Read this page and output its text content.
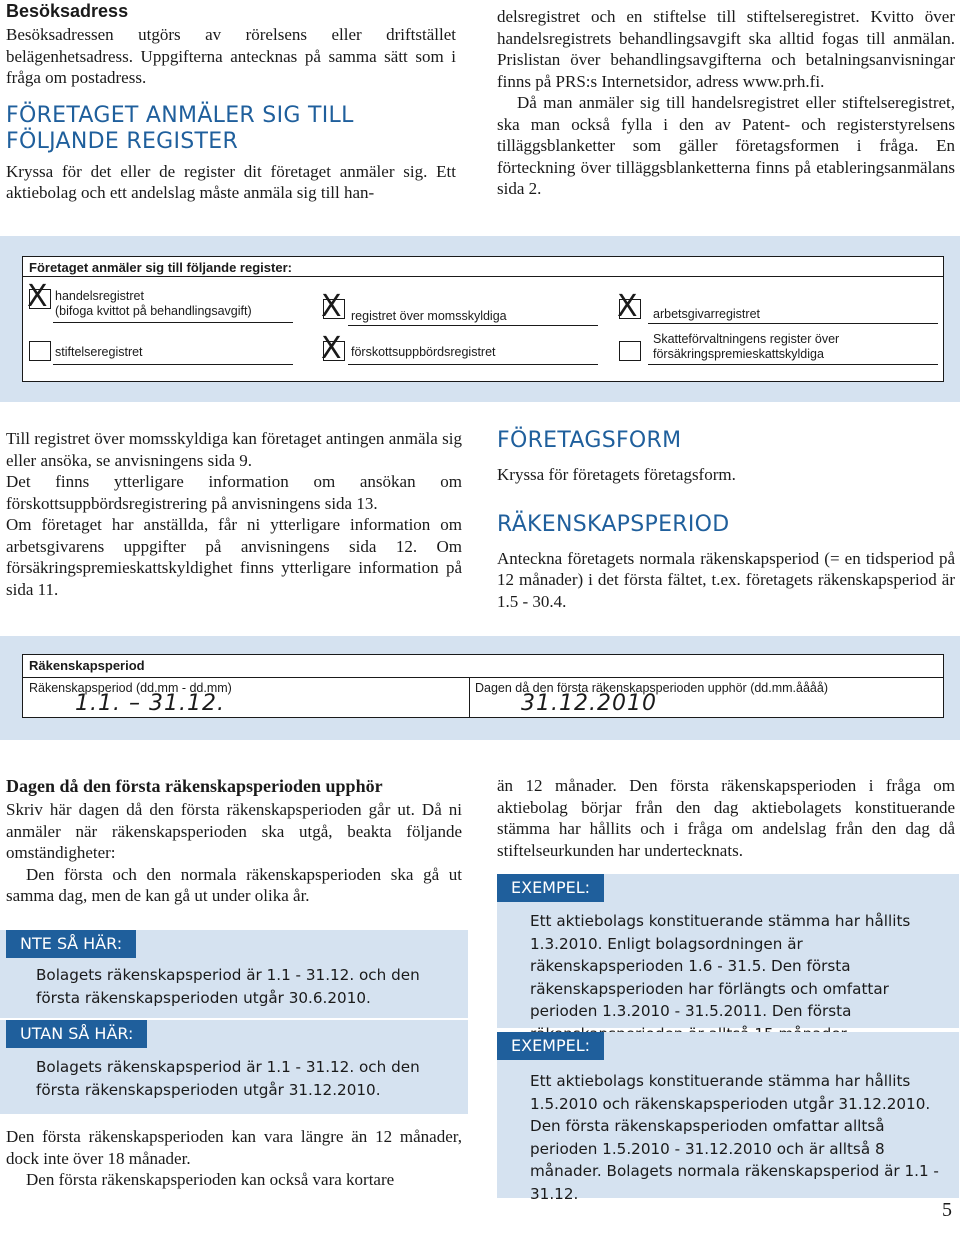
Besöksadress

Besöksadressen utgörs av rörelsens eller driftstället belägenhetsadress. Uppgifterna antecknas på samma sätt som i fråga om postadress.

FÖRETAGET ANMÄLER SIG TILL FÖLJANDE REGISTER

Kryssa för det eller de register dit företaget anmäler sig. Ett aktiebolag och ett andelslag måste anmäla sig till han-

delsregistret och en stiftelse till stiftelseregistret. Kvitto över handelsregistrets behandlingsavgift ska alltid fogas till anmälan. Prislistan över behandlingsavgifterna och betalningsanvisningar finns på PRS:s Internetsidor, adress www.prh.fi.

Då man anmäler sig till handelsregistret eller stiftelseregistret, ska man också fylla i den av Patent- och registerstyrelsens tilläggsblanketter som gäller företagsformen i fråga. En förteckning över tilläggsblanketterna finns på etableringsanmälans sida 2.

Företaget anmäler sig till följande register:
X handelsregistret
(bifoga kvittot på behandlingsavgift)
stiftelseregistret
X registret över momsskyldiga
X förskottsuppbördsregistret
X arbetsgivarregistret
Skatteförvaltningens register över
försäkringspremieskattskyldiga

Till registret över momsskyldiga kan företaget antingen anmäla sig eller ansöka, se anvisningens sida 9.

Det finns ytterligare information om ansökan om förskottsuppbördsregistrering på anvisningens sida 13.

Om företaget har anställda, får ni ytterligare information om arbetsgivarens uppgifter på anvisningens sida 12. Om försäkringspremieskattskyldighet finns ytterligare information på sida 11.

FÖRETAGSFORM

Kryssa för företagets företagsform.

RÄKENSKAPSPERIOD

Anteckna företagets normala räkenskapsperiod (= en tidsperiod på 12 månader) i det första fältet, t.ex. företagets räkenskapsperiod är 1.5 - 30.4.

Räkenskapsperiod
Räkenskapsperiod (dd.mm - dd.mm)
1.1. – 31.12.
Dagen då den första räkenskapsperioden upphör (dd.mm.åååå)
31.12.2010
Dagen då den första räkenskapsperioden upphör

Skriv här dagen då den första räkenskapsperioden går ut. Då ni anmäler när räkenskapsperioden ska utgå, beakta följande omständigheter:

Den första och den normala räkenskapsperioden ska gå ut samma dag, men de kan gå ut under olika år.

NTE SÅ HÄR:
Bolagets räkenskapsperiod är 1.1 - 31.12. och den första räkenskapsperioden utgår 30.6.2010.
UTAN SÅ HÄR:
Bolagets räkenskapsperiod är 1.1 - 31.12. och den första räkenskapsperioden utgår 31.12.2010.

Den första räkenskapsperioden kan vara längre än 12 månader, dock inte över 18 månader.

Den första räkenskapsperioden kan också vara kortare

än 12 månader. Den första räkenskapsperioden i fråga om aktiebolag börjar från den dag aktiebolagets konstituerande stämma har hållits och i fråga om andelslag från den dag då stiftelseurkunden har undertecknats.

EXEMPEL:
Ett aktiebolags konstituerande stämma har hållits 1.3.2010. Enligt bolagsordningen är räkenskapsperioden 1.6 - 31.5. Den första räkenskapsperioden har förlängts och omfattar perioden 1.3.2010 - 31.5.2011. Den första
EXEMPEL:
Ett aktiebolags konstituerande stämma har hållits 1.5.2010 och räkenskapsperioden utgår 31.12.2010. Den första räkenskapsperioden omfattar alltså perioden 1.5.2010 - 31.12.2010 och är alltså 8 månader. Bolagets normala räkenskapsperiod är 1.1 - 31.12.
5
